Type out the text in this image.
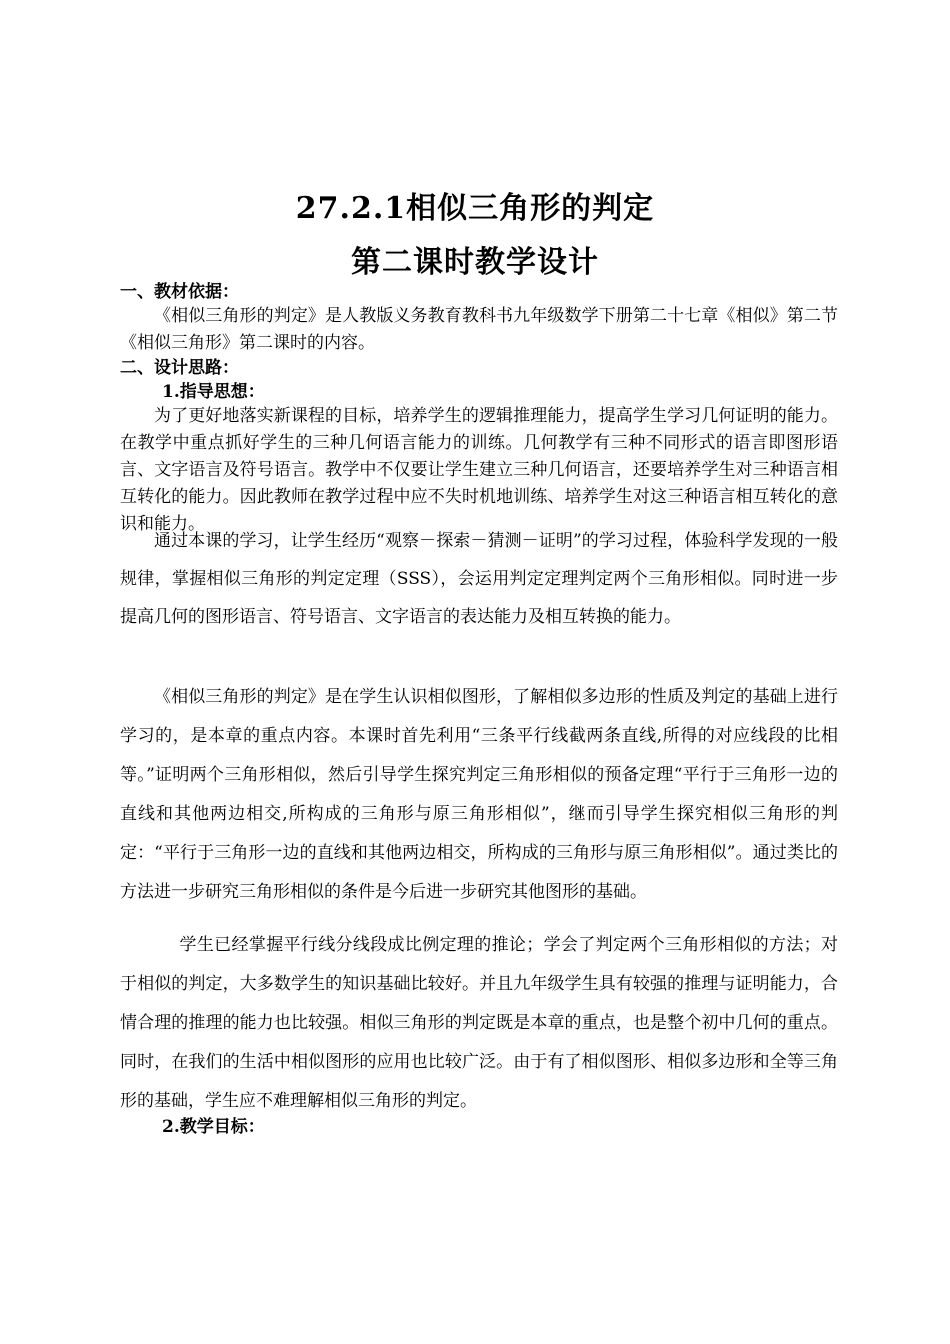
27.2.1相似三角形的判定
第二课时教学设计
一、教材依据：

《相似三角形的判定》是人教版义务教育教科书九年级数学下册第二十七章《相似》第二节《相似三角形》第二课时的内容。

二、设计思路：
1.指导思想：

为了更好地落实新课程的目标，培养学生的逻辑推理能力，提高学生学习几何证明的能力。在教学中重点抓好学生的三种几何语言能力的训练。几何教学有三种不同形式的语言即图形语言、文字语言及符号语言。教学中不仅要让学生建立三种几何语言，还要培养学生对三种语言相互转化的能力。因此教师在教学过程中应不失时机地训练、培养学生对这三种语言相互转化的意识和能力。

通过本课的学习，让学生经历“观察－探索－猜测－证明”的学习过程，体验科学发现的一般规律，掌握相似三角形的判定定理（SSS），会运用判定定理判定两个三角形相似。同时进一步提高几何的图形语言、符号语言、文字语言的表达能力及相互转换的能力。

《相似三角形的判定》是在学生认识相似图形，了解相似多边形的性质及判定的基础上进行学习的，是本章的重点内容。本课时首先利用“三条平行线截两条直线,所得的对应线段的比相等。”证明两个三角形相似，然后引导学生探究判定三角形相似的预备定理“平行于三角形一边的直线和其他两边相交,所构成的三角形与原三角形相似”，继而引导学生探究相似三角形的判定：“平行于三角形一边的直线和其他两边相交，所构成的三角形与原三角形相似”。通过类比的方法进一步研究三角形相似的条件是今后进一步研究其他图形的基础。

学生已经掌握平行线分线段成比例定理的推论；学会了判定两个三角形相似的方法；对于相似的判定，大多数学生的知识基础比较好。并且九年级学生具有较强的推理与证明能力，合情合理的推理的能力也比较强。相似三角形的判定既是本章的重点，也是整个初中几何的重点。同时，在我们的生活中相似图形的应用也比较广泛。由于有了相似图形、相似多边形和全等三角形的基础，学生应不难理解相似三角形的判定。

2.教学目标：
